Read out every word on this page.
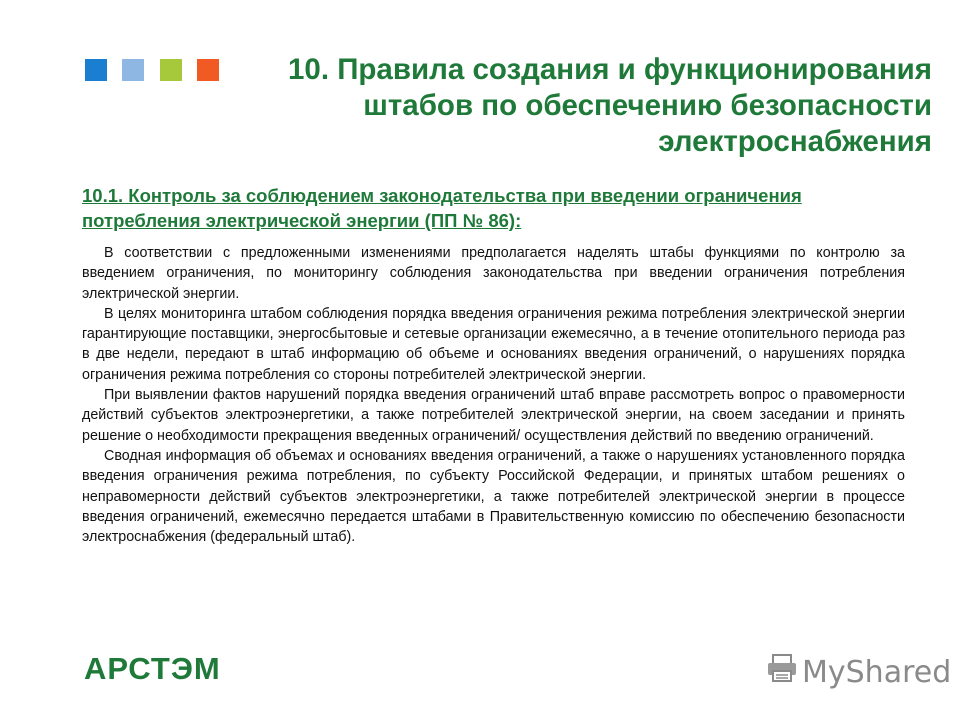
10. Правила создания и функционирования штабов по обеспечению безопасности электроснабжения
10.1. Контроль за соблюдением законодательства при введении ограничения потребления электрической энергии (ПП № 86):

В соответствии с предложенными изменениями предполагается наделять штабы функциями по контролю за введением ограничения, по мониторингу соблюдения законодательства при введении ограничения потребления электрической энергии.

В целях мониторинга штабом соблюдения порядка введения ограничения режима потребления электрической энергии гарантирующие поставщики, энергосбытовые и сетевые организации ежемесячно, а в течение отопительного периода раз в две недели, передают в штаб информацию об объеме и основаниях введения ограничений, о нарушениях порядка ограничения режима потребления со стороны потребителей электрической энергии.

При выявлении фактов нарушений порядка введения ограничений штаб вправе рассмотреть вопрос о правомерности действий субъектов электроэнергетики, а также потребителей электрической энергии, на своем заседании и принять решение о необходимости прекращения введенных ограничений/ осуществления действий по введению ограничений.

Сводная информация об объемах и основаниях введения ограничений, а также о нарушениях установленного порядка введения ограничения режима потребления, по субъекту Российской Федерации, и принятых штабом решениях о неправомерности действий субъектов электроэнергетики, а также потребителей электрической энергии в процессе введения ограничений, ежемесячно передается штабами в Правительственную комиссию по обеспечению безопасности электроснабжения (федеральный штаб).

АРСТЭМ	MyShared
